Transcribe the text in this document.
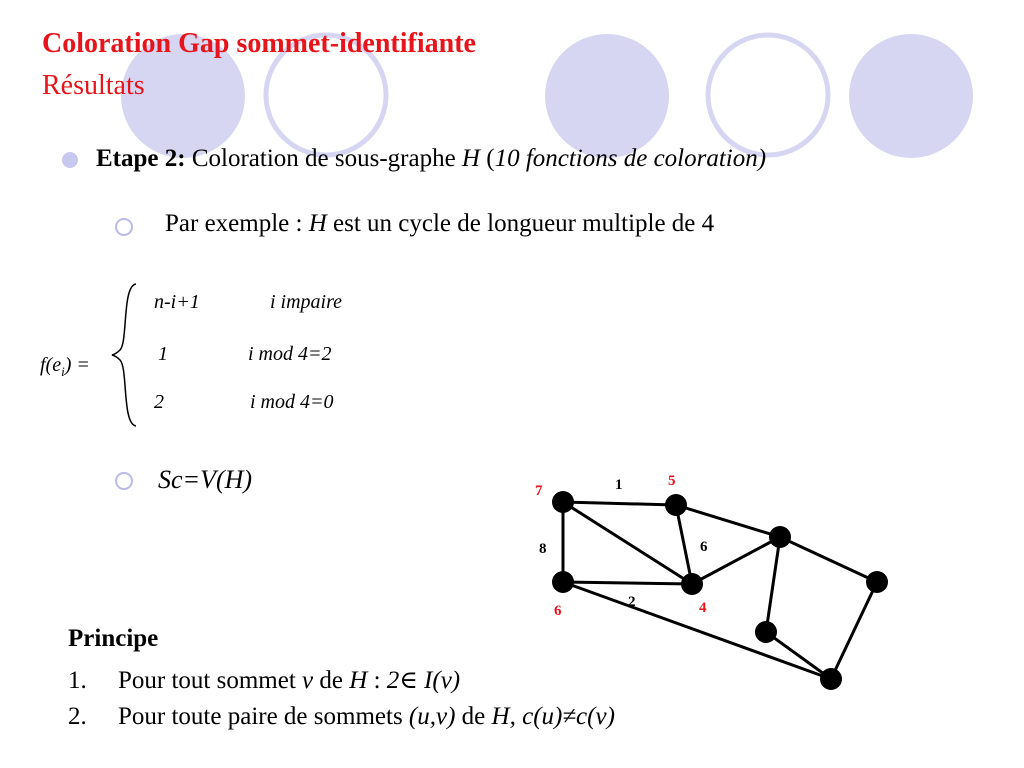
Coloration Gap sommet-identifiante
Résultats
Etape 2: Coloration de sous-graphe H (10 fonctions de coloration)
Par exemple : H est un cycle de longueur multiple de 4
$f(e_i)$ =
n-i+1	i impaire
1	i mod 4=2
2	i mod 4=0
Sc=V(H)	7
5
6	4
1
8	6
2
Principe
1. Pour tout sommet v de H : 2∈ I(v)
2. Pour toute paire de sommets (u,v) de H, c(u)≠c(v)
